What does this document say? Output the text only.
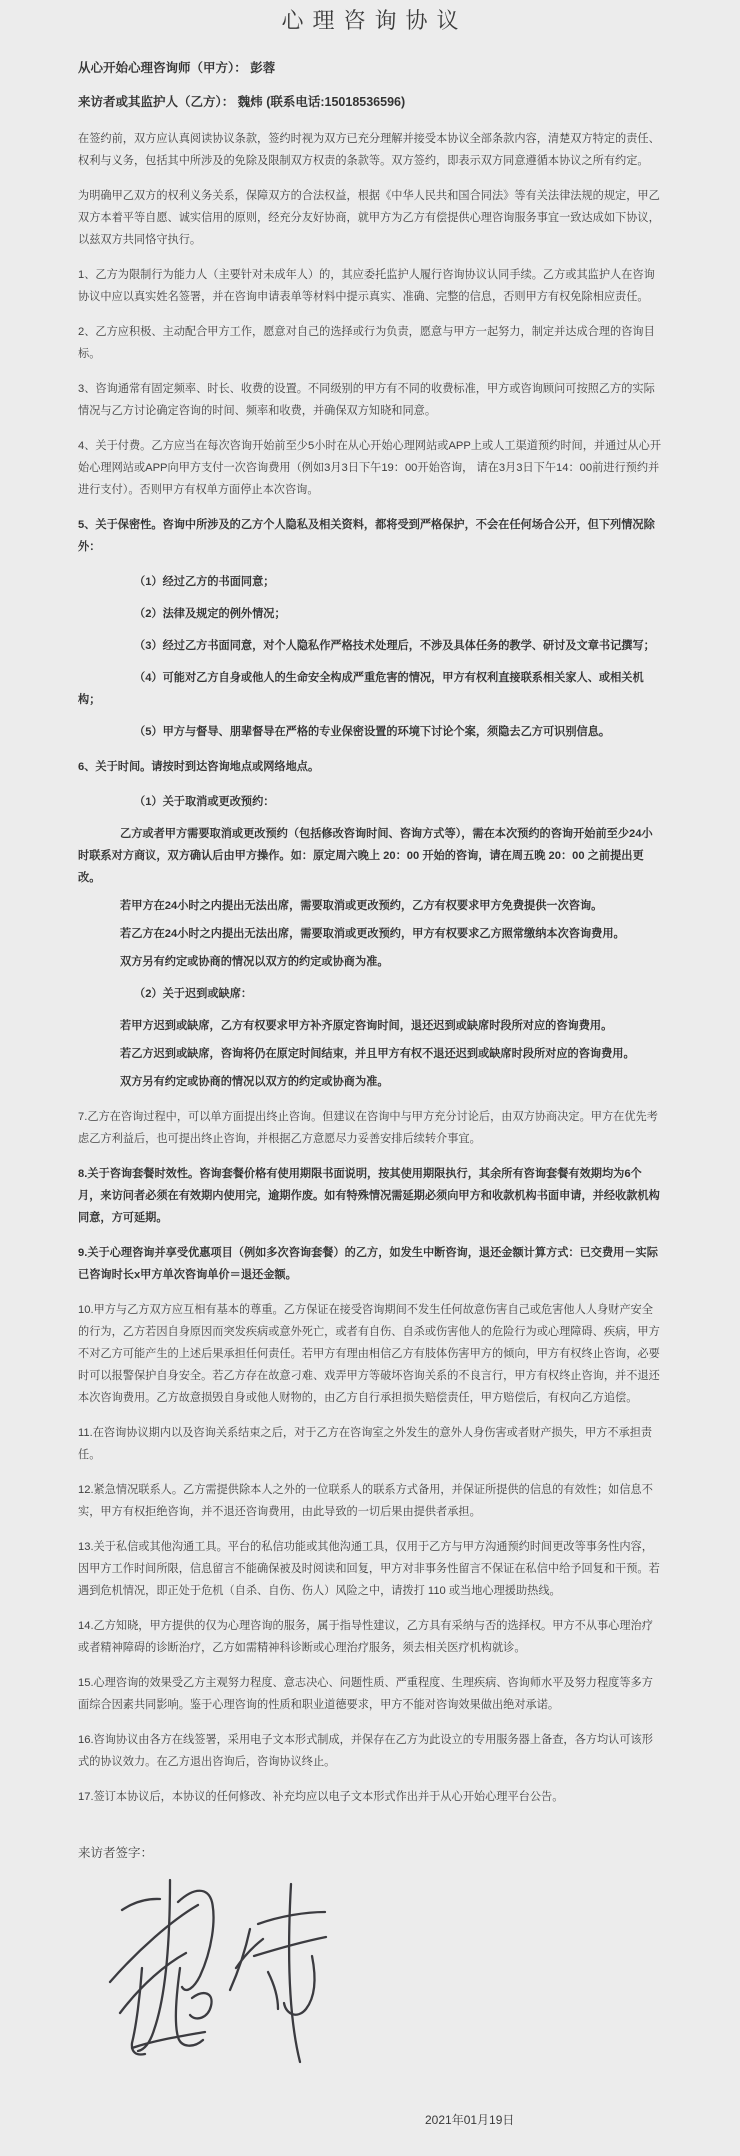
心理咨询协议

从心开始心理咨询师（甲方）： 彭蓉

来访者或其监护人（乙方）： 魏炜 (联系电话:15018536596)

在签约前，双方应认真阅读协议条款，签约时视为双方已充分理解并接受本协议全部条款内容，清楚双方特定的责任、权利与义务，包括其中所涉及的免除及限制双方权责的条款等。双方签约，即表示双方同意遵循本协议之所有约定。

为明确甲乙双方的权利义务关系，保障双方的合法权益，根据《中华人民共和国合同法》等有关法律法规的规定，甲乙双方本着平等自愿、诚实信用的原则，经充分友好协商，就甲方为乙方有偿提供心理咨询服务事宜一致达成如下协议，以兹双方共同恪守执行。

1、乙方为限制行为能力人（主要针对未成年人）的，其应委托监护人履行咨询协议认同手续。乙方或其监护人在咨询协议中应以真实姓名签署，并在咨询申请表单等材料中提示真实、准确、完整的信息，否则甲方有权免除相应责任。

2、乙方应积极、主动配合甲方工作，愿意对自己的选择或行为负责，愿意与甲方一起努力，制定并达成合理的咨询目标。

3、咨询通常有固定频率、时长、收费的设置。不同级别的甲方有不同的收费标准，甲方或咨询顾问可按照乙方的实际情况与乙方讨论确定咨询的时间、频率和收费，并确保双方知晓和同意。

4、关于付费。乙方应当在每次咨询开始前至少5小时在从心开始心理网站或APP上或人工渠道预约时间，并通过从心开始心理网站或APP向甲方支付一次咨询费用（例如3月3日下午19：00开始咨询， 请在3月3日下午14：00前进行预约并进行支付）。否则甲方有权单方面停止本次咨询。

5、关于保密性。咨询中所涉及的乙方个人隐私及相关资料，都将受到严格保护，不会在任何场合公开，但下列情况除外：

（1）经过乙方的书面同意；

（2）法律及规定的例外情况；

（3）经过乙方书面同意，对个人隐私作严格技术处理后，不涉及具体任务的教学、研讨及文章书记撰写；

（4）可能对乙方自身或他人的生命安全构成严重危害的情况，甲方有权利直接联系相关家人、或相关机构；

（5）甲方与督导、朋辈督导在严格的专业保密设置的环境下讨论个案，须隐去乙方可识别信息。

6、关于时间。请按时到达咨询地点或网络地点。

（1）关于取消或更改预约：

乙方或者甲方需要取消或更改预约（包括修改咨询时间、咨询方式等），需在本次预约的咨询开始前至少24小时联系对方商议，双方确认后由甲方操作。如：原定周六晚上 20：00 开始的咨询，请在周五晚 20：00 之前提出更改。

若甲方在24小时之内提出无法出席，需要取消或更改预约，乙方有权要求甲方免费提供一次咨询。

若乙方在24小时之内提出无法出席，需要取消或更改预约，甲方有权要求乙方照常缴纳本次咨询费用。

双方另有约定或协商的情况以双方的约定或协商为准。

（2）关于迟到或缺席：

若甲方迟到或缺席，乙方有权要求甲方补齐原定咨询时间，退还迟到或缺席时段所对应的咨询费用。

若乙方迟到或缺席，咨询将仍在原定时间结束，并且甲方有权不退还迟到或缺席时段所对应的咨询费用。

双方另有约定或协商的情况以双方的约定或协商为准。

7.乙方在咨询过程中，可以单方面提出终止咨询。但建议在咨询中与甲方充分讨论后，由双方协商决定。甲方在优先考虑乙方利益后，也可提出终止咨询，并根据乙方意愿尽力妥善安排后续转介事宜。

8.关于咨询套餐时效性。咨询套餐价格有使用期限书面说明，按其使用期限执行，其余所有咨询套餐有效期均为6个月，来访问者必须在有效期内使用完，逾期作废。如有特殊情况需延期必须向甲方和收款机构书面申请，并经收款机构同意，方可延期。

9.关于心理咨询并享受优惠项目（例如多次咨询套餐）的乙方，如发生中断咨询，退还金额计算方式：已交费用－实际已咨询时长x甲方单次咨询单价＝退还金额。

10.甲方与乙方双方应互相有基本的尊重。乙方保证在接受咨询期间不发生任何故意伤害自己或危害他人人身财产安全的行为，乙方若因自身原因而突发疾病或意外死亡，或者有自伤、自杀或伤害他人的危险行为或心理障碍、疾病，甲方不对乙方可能产生的上述后果承担任何责任。若甲方有理由相信乙方有肢体伤害甲方的倾向，甲方有权终止咨询，必要时可以报警保护自身安全。若乙方存在故意刁难、戏弄甲方等破坏咨询关系的不良言行，甲方有权终止咨询，并不退还本次咨询费用。乙方故意损毁自身或他人财物的，由乙方自行承担损失赔偿责任，甲方赔偿后，有权向乙方追偿。

11.在咨询协议期内以及咨询关系结束之后，对于乙方在咨询室之外发生的意外人身伤害或者财产损失，甲方不承担责任。

12.紧急情况联系人。乙方需提供除本人之外的一位联系人的联系方式备用，并保证所提供的信息的有效性；如信息不实，甲方有权拒绝咨询，并不退还咨询费用，由此导致的一切后果由提供者承担。

13.关于私信或其他沟通工具。平台的私信功能或其他沟通工具，仅用于乙方与甲方沟通预约时间更改等事务性内容，因甲方工作时间所限，信息留言不能确保被及时阅读和回复，甲方对非事务性留言不保证在私信中给予回复和干预。若遇到危机情况，即正处于危机（自杀、自伤、伤人）风险之中，请拨打 110 或当地心理援助热线。

14.乙方知晓，甲方提供的仅为心理咨询的服务，属于指导性建议，乙方具有采纳与否的选择权。甲方不从事心理治疗或者精神障碍的诊断治疗，乙方如需精神科诊断或心理治疗服务，须去相关医疗机构就诊。

15.心理咨询的效果受乙方主观努力程度、意志决心、问题性质、严重程度、生理疾病、咨询师水平及努力程度等多方面综合因素共同影响。鉴于心理咨询的性质和职业道德要求，甲方不能对咨询效果做出绝对承诺。

16.咨询协议由各方在线签署，采用电子文本形式制成，并保存在乙方为此设立的专用服务器上备查，各方均认可该形式的协议效力。在乙方退出咨询后，咨询协议终止。

17.签订本协议后，本协议的任何修改、补充均应以电子文本形式作出并于从心开始心理平台公告。

来访者签字：

2021年01月19日
